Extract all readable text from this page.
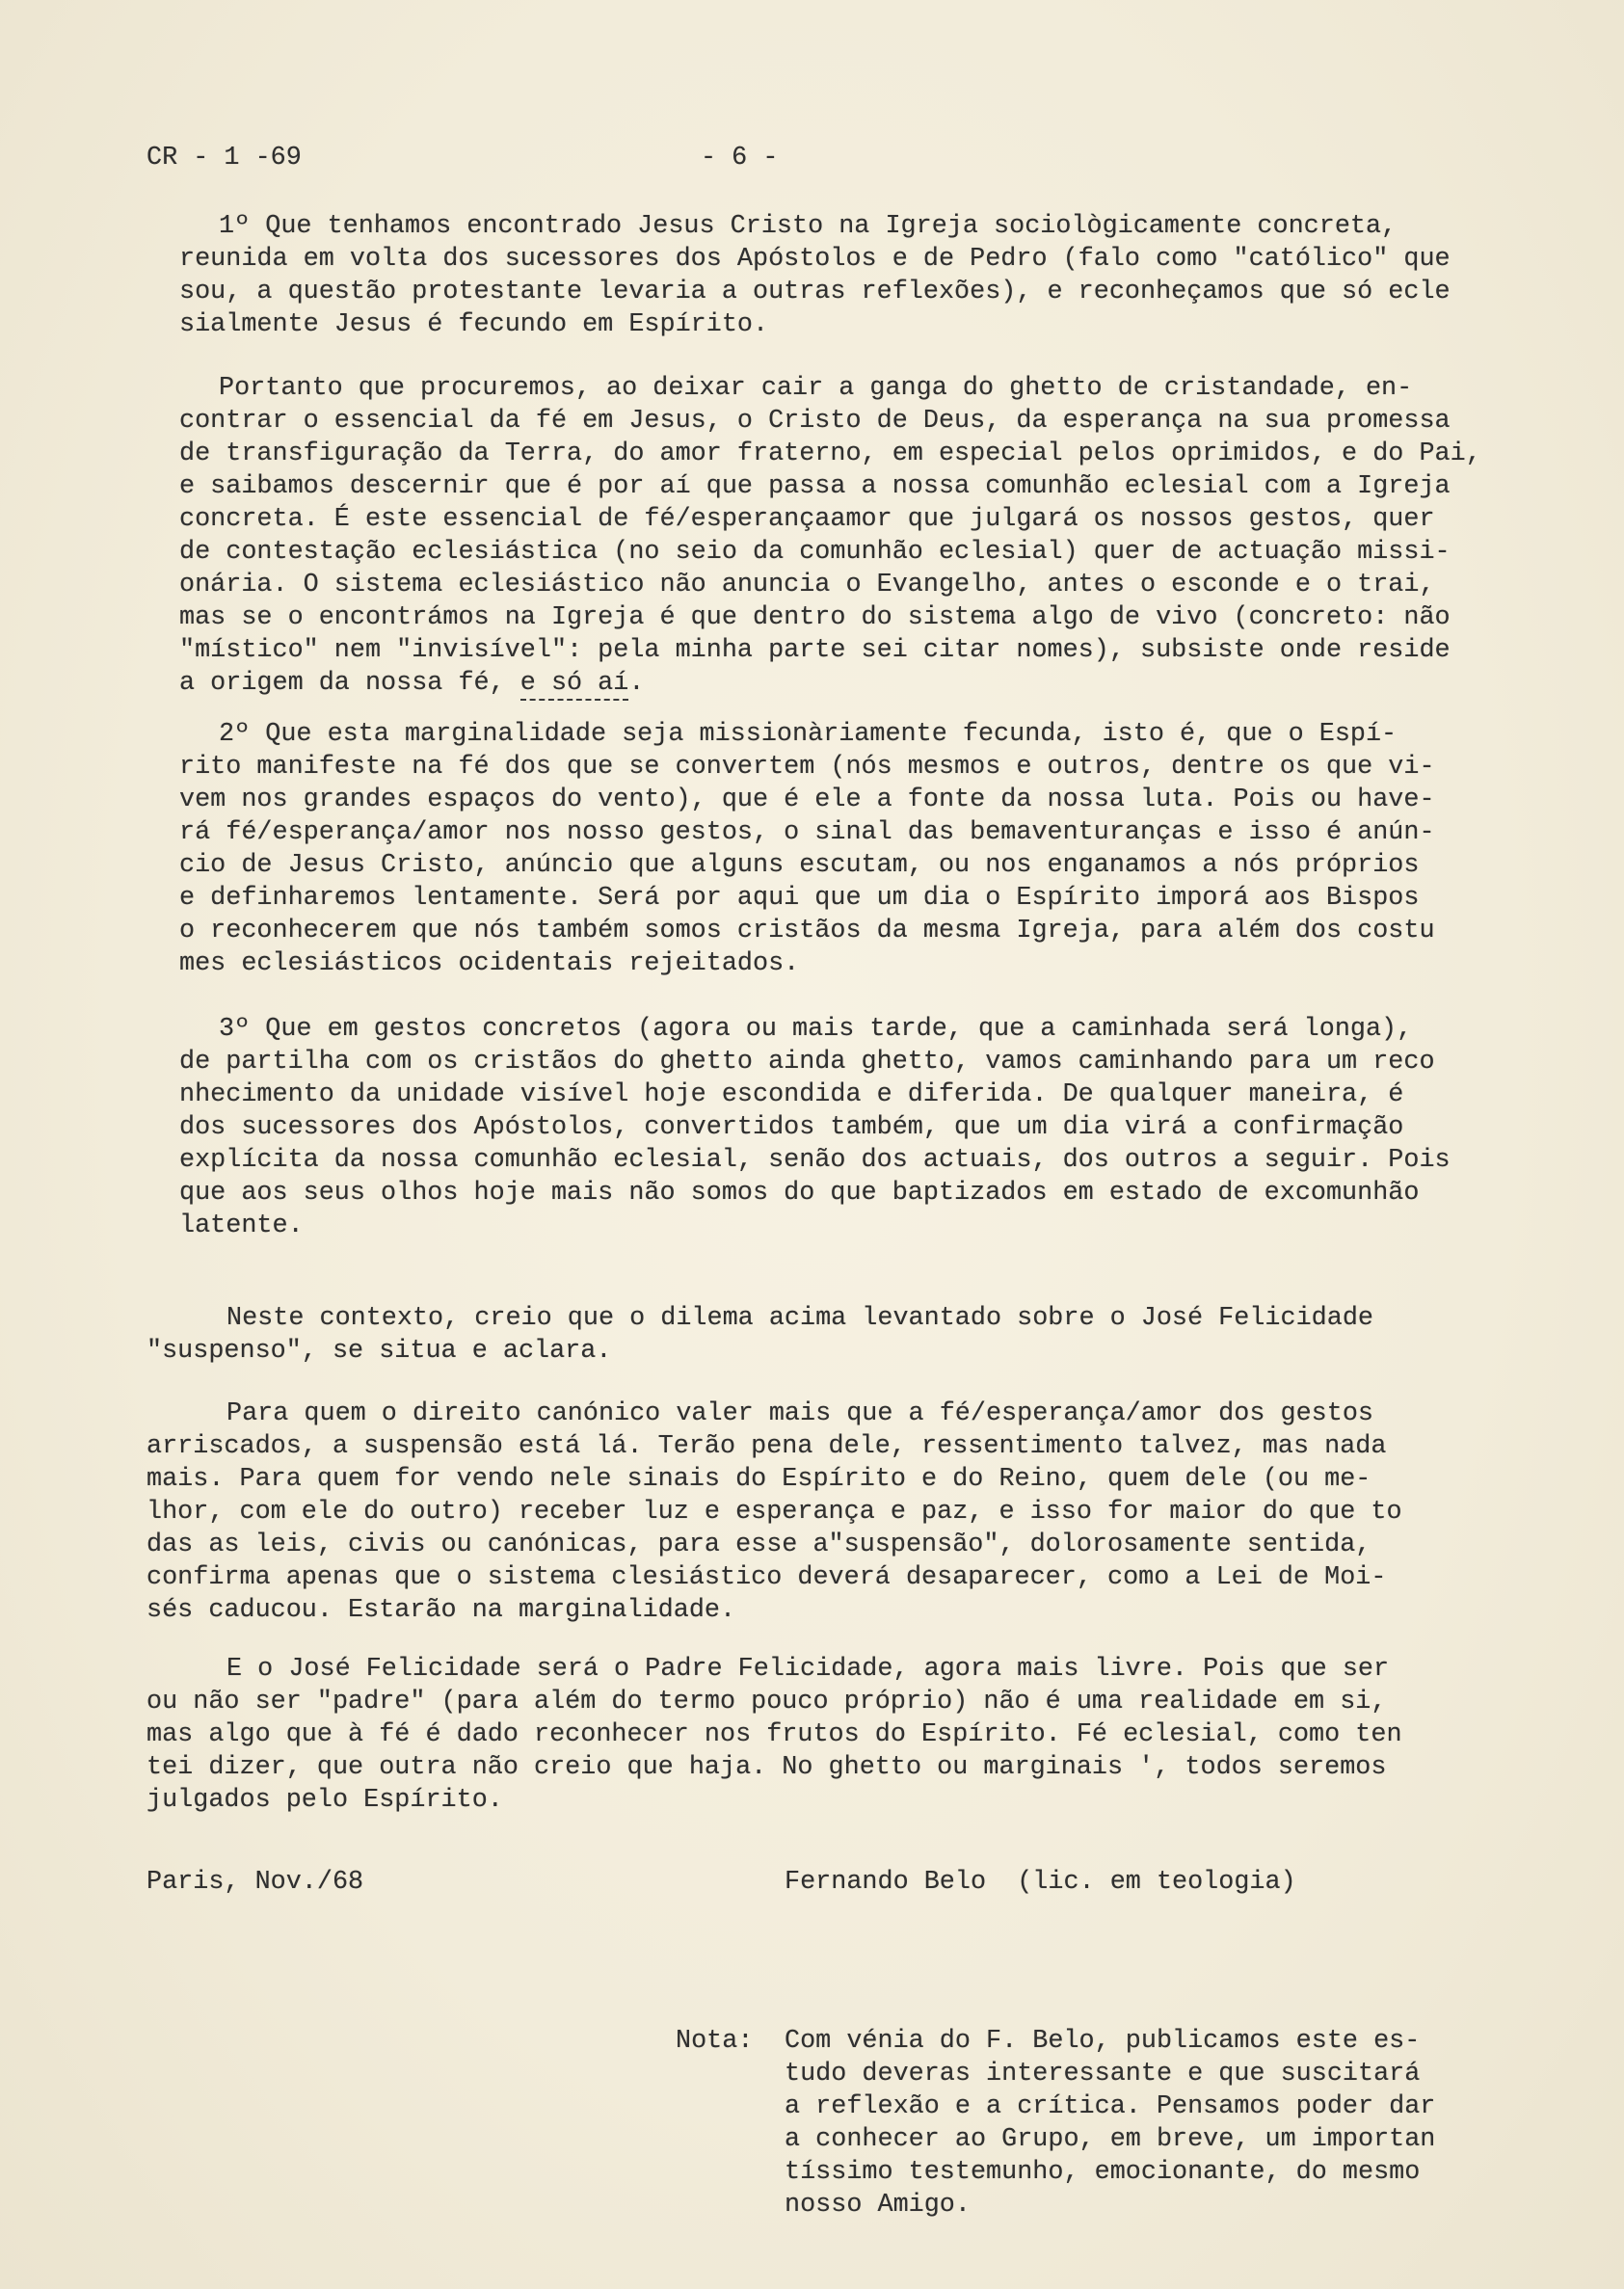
CR - 1 -69	- 6 -
1º Que tenhamos encontrado Jesus Cristo na Igreja sociològicamente concreta,
reunida em volta dos sucessores dos Apóstolos e de Pedro (falo como "católico" que
sou, a questão protestante levaria a outras reflexões), e reconheçamos que só ecle
sialmente Jesus é fecundo em Espírito.
Portanto que procuremos, ao deixar cair a ganga do ghetto de cristandade, en-
contrar o essencial da fé em Jesus, o Cristo de Deus, da esperança na sua promessa
de transfiguração da Terra, do amor fraterno, em especial pelos oprimidos, e do Pai,
e saibamos descernir que é por aí que passa a nossa comunhão eclesial com a Igreja
concreta. É este essencial de fé/esperançaamor que julgará os nossos gestos, quer
de contestação eclesiástica (no seio da comunhão eclesial) quer de actuação missi-
onária. O sistema eclesiástico não anuncia o Evangelho, antes o esconde e o trai,
mas se o encontrámos na Igreja é que dentro do sistema algo de vivo (concreto: não
"místico" nem "invisível": pela minha parte sei citar nomes), subsiste onde reside
a origem da nossa fé, e só aí.
2º Que esta marginalidade seja missionàriamente fecunda, isto é, que o Espí-
rito manifeste na fé dos que se convertem (nós mesmos e outros, dentre os que vi-
vem nos grandes espaços do vento), que é ele a fonte da nossa luta. Pois ou have-
rá fé/esperança/amor nos nosso gestos, o sinal das bemaventuranças e isso é anún-
cio de Jesus Cristo, anúncio que alguns escutam, ou nos enganamos a nós próprios
e definharemos lentamente. Será por aqui que um dia o Espírito imporá aos Bispos
o reconhecerem que nós também somos cristãos da mesma Igreja, para além dos costu
mes eclesiásticos ocidentais rejeitados.
3º Que em gestos concretos (agora ou mais tarde, que a caminhada será longa),
de partilha com os cristãos do ghetto ainda ghetto, vamos caminhando para um reco
nhecimento da unidade visível hoje escondida e diferida. De qualquer maneira, é
dos sucessores dos Apóstolos, convertidos também, que um dia virá a confirmação
explícita da nossa comunhão eclesial, senão dos actuais, dos outros a seguir. Pois
que aos seus olhos hoje mais não somos do que baptizados em estado de excomunhão
latente.
Neste contexto, creio que o dilema acima levantado sobre o José Felicidade
"suspenso", se situa e aclara.
Para quem o direito canónico valer mais que a fé/esperança/amor dos gestos
arriscados, a suspensão está lá. Terão pena dele, ressentimento talvez, mas nada
mais. Para quem for vendo nele sinais do Espírito e do Reino, quem dele (ou me-
lhor, com ele do outro) receber luz e esperança e paz, e isso for maior do que to
das as leis, civis ou canónicas, para esse a"suspensão", dolorosamente sentida,
confirma apenas que o sistema clesiástico deverá desaparecer, como a Lei de Moi-
sés caducou. Estarão na marginalidade.
E o José Felicidade será o Padre Felicidade, agora mais livre. Pois que ser
ou não ser "padre" (para além do termo pouco próprio) não é uma realidade em si,
mas algo que à fé é dado reconhecer nos frutos do Espírito. Fé eclesial, como ten
tei dizer, que outra não creio que haja. No ghetto ou marginais ', todos seremos
julgados pelo Espírito.
Paris, Nov./68	Fernando Belo  (lic. em teologia)
Nota: Com vénia do F. Belo, publicamos este es-
tudo deveras interessante e que suscitará
a reflexão e a crítica. Pensamos poder dar
a conhecer ao Grupo, em breve, um importan
tíssimo testemunho, emocionante, do mesmo
nosso Amigo.
